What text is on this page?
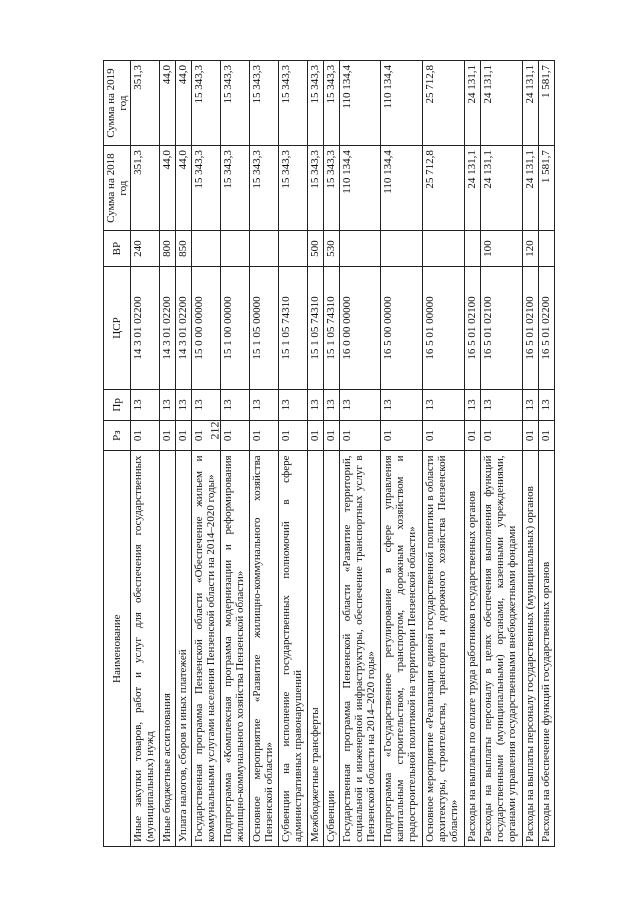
212
Наименование	Рз	Пр	ЦСР	ВР	Сумма на 2018 год	Сумма на 2019 год
Иные закупки товаров, работ и услуг для обеспечения государственных (муниципальных) нужд	01	13	14 3 01 02200	240	351,3	351,3
Иные бюджетные ассигнования	01	13	14 3 01 02200	800	44,0	44,0
Уплата налогов, сборов и иных платежей	01	13	14 3 01 02200	850	44,0	44,0
Государственная программа Пензенской области «Обеспечение жильем и коммунальными услугами населения Пензенской области на 2014–2020 годы»	01	13	15 0 00 00000		15 343,3	15 343,3
Подпрограмма «Комплексная программа модернизации и реформирования жилищно-коммунального хозяйства Пензенской области»	01	13	15 1 00 00000		15 343,3	15 343,3
Основное мероприятие «Развитие жилищно-коммунального хозяйства Пензенской области»	01	13	15 1 05 00000		15 343,3	15 343,3
Субвенции на исполнение государственных полномочий в сфере административных правонарушений	01	13	15 1 05 74310		15 343,3	15 343,3
Межбюджетные трансферты	01	13	15 1 05 74310	500	15 343,3	15 343,3
Субвенции	01	13	15 1 05 74310	530	15 343,3	15 343,3
Государственная программа Пензенской области «Развитие территорий, социальной и инженерной инфраструктуры, обеспечение транспортных услуг в Пензенской области на 2014–2020 годы»	01	13	16 0 00 00000		110 134,4	110 134,4
Подпрограмма «Государственное регулирование в сфере управления капитальным строительством, транспортом, дорожным хозяйством и градостроительной политикой на территории Пензенской области»	01	13	16 5 00 00000		110 134,4	110 134,4
Основное мероприятие «Реализация единой государственной политики в области архитектуры, строительства, транспорта и дорожного хозяйства Пензенской области»	01	13	16 5 01 00000		25 712,8	25 712,8
Расходы на выплаты по оплате труда работников государственных органов	01	13	16 5 01 02100		24 131,1	24 131,1
Расходы на выплаты персоналу в целях обеспечения выполнения функций государственными (муниципальными) органами, казенными учреждениями, органами управления государственными внебюджетными фондами	01	13	16 5 01 02100	100	24 131,1	24 131,1
Расходы на выплаты персоналу государственных (муниципальных) органов	01	13	16 5 01 02100	120	24 131,1	24 131,1
Расходы на обеспечение функций государственных органов	01	13	16 5 01 02200		1 581,7	1 581,7
